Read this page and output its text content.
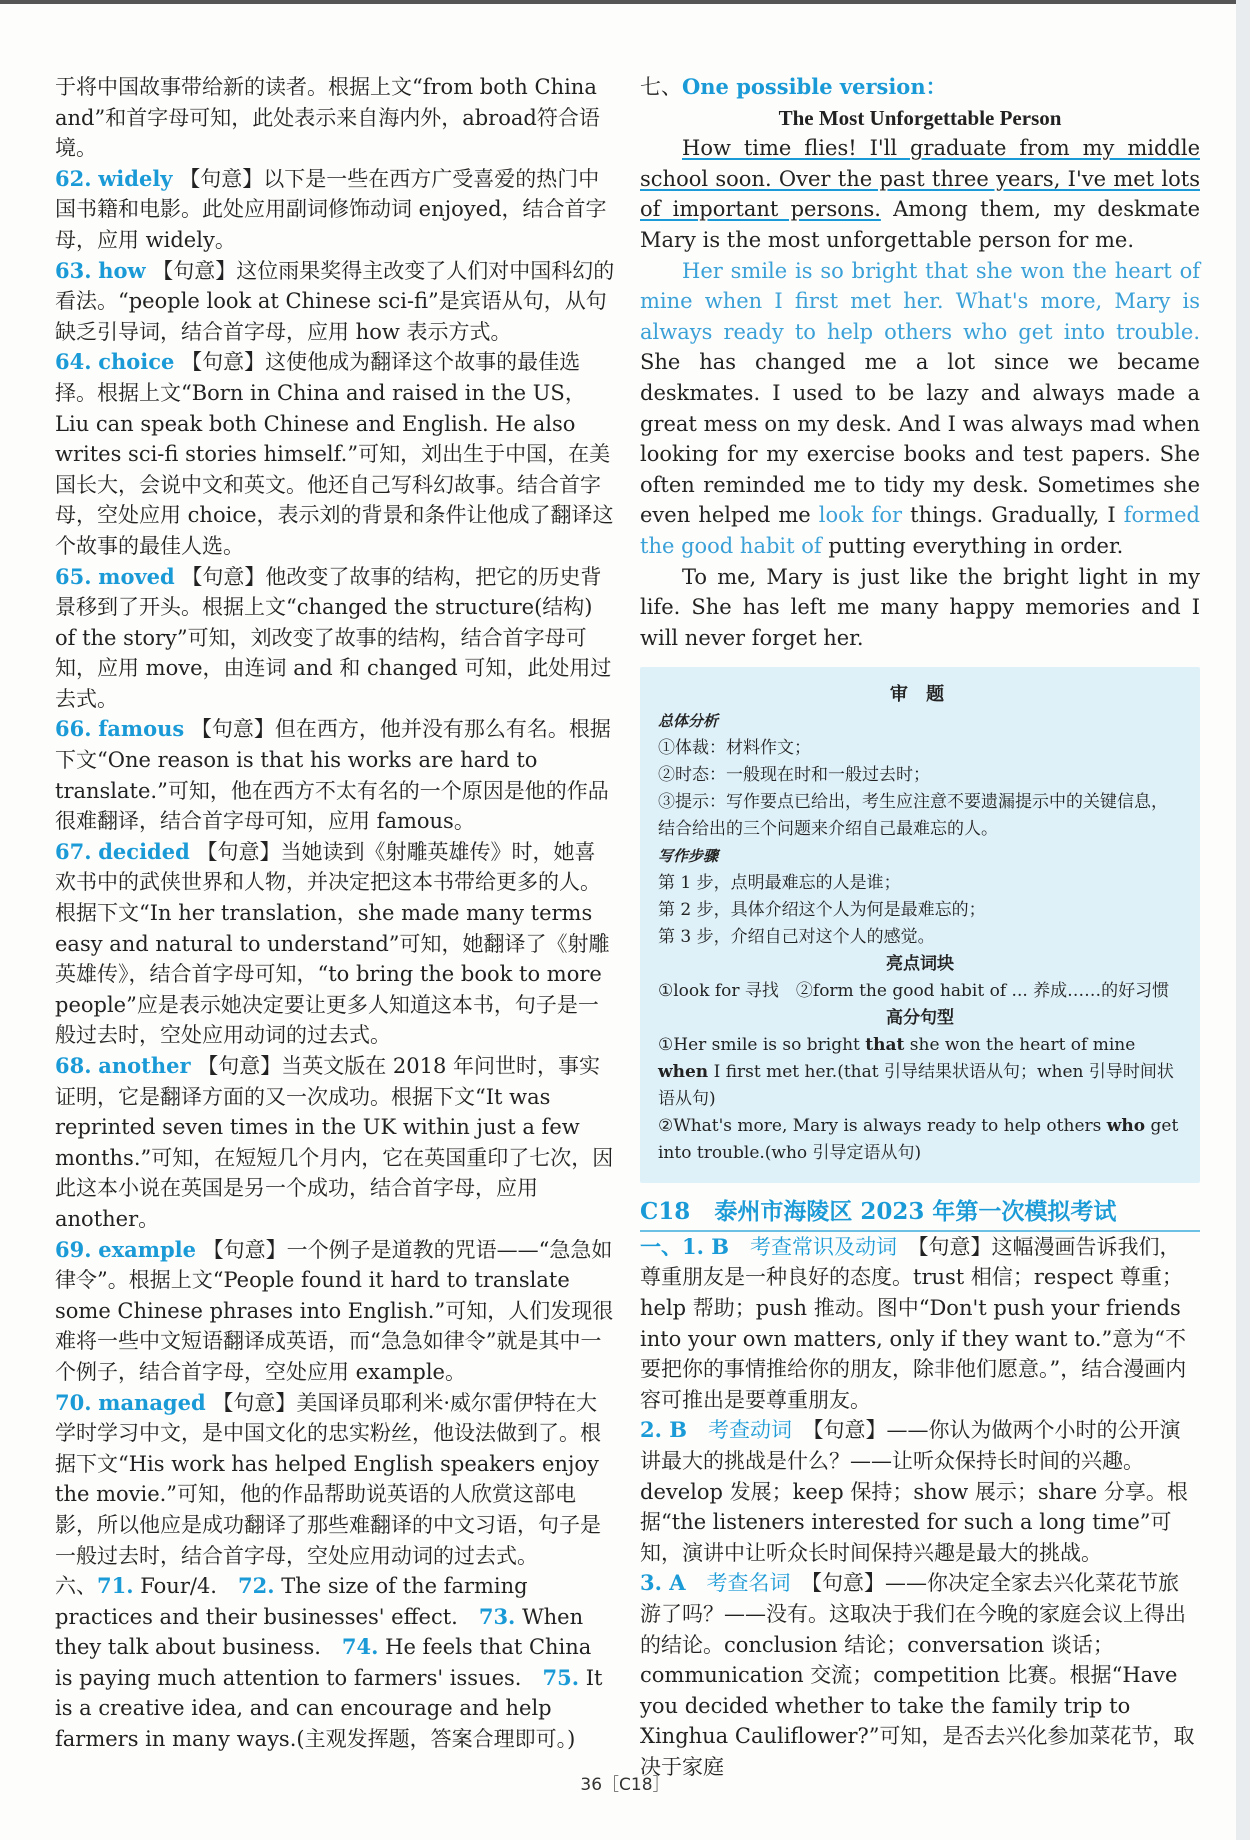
于将中国故事带给新的读者。根据上文“from both China and”和首字母可知，此处表示来自海内外，abroad符合语境。

62. widely 【句意】以下是一些在西方广受喜爱的热门中国书籍和电影。此处应用副词修饰动词 enjoyed，结合首字母，应用 widely。

63. how 【句意】这位雨果奖得主改变了人们对中国科幻的看法。“people look at Chinese sci-fi”是宾语从句，从句缺乏引导词，结合首字母，应用 how 表示方式。

64. choice 【句意】这使他成为翻译这个故事的最佳选择。根据上文“Born in China and raised in the US，Liu can speak both Chinese and English. He also writes sci-fi stories himself.”可知，刘出生于中国，在美国长大，会说中文和英文。他还自己写科幻故事。结合首字母，空处应用 choice，表示刘的背景和条件让他成了翻译这个故事的最佳人选。

65. moved 【句意】他改变了故事的结构，把它的历史背景移到了开头。根据上文“changed the structure(结构) of the story”可知，刘改变了故事的结构，结合首字母可知，应用 move，由连词 and 和 changed 可知，此处用过去式。

66. famous 【句意】但在西方，他并没有那么有名。根据下文“One reason is that his works are hard to translate.”可知，他在西方不太有名的一个原因是他的作品很难翻译，结合首字母可知，应用 famous。

67. decided 【句意】当她读到《射雕英雄传》时，她喜欢书中的武侠世界和人物，并决定把这本书带给更多的人。根据下文“In her translation，she made many terms easy and natural to understand”可知，她翻译了《射雕英雄传》，结合首字母可知，“to bring the book to more people”应是表示她决定要让更多人知道这本书，句子是一般过去时，空处应用动词的过去式。

68. another 【句意】当英文版在 2018 年问世时，事实证明，它是翻译方面的又一次成功。根据下文“It was reprinted seven times in the UK within just a few months.”可知，在短短几个月内，它在英国重印了七次，因此这本小说在英国是另一个成功，结合首字母，应用 another。

69. example 【句意】一个例子是道教的咒语——“急急如律令”。根据上文“People found it hard to translate some Chinese phrases into English.”可知，人们发现很难将一些中文短语翻译成英语，而“急急如律令”就是其中一个例子，结合首字母，空处应用 example。

70. managed 【句意】美国译员耶利米·威尔雷伊特在大学时学习中文，是中国文化的忠实粉丝，他设法做到了。根据下文“His work has helped English speakers enjoy the movie.”可知，他的作品帮助说英语的人欣赏这部电影，所以他应是成功翻译了那些难翻译的中文习语，句子是一般过去时，结合首字母，空处应用动词的过去式。

六、71. Four/4.　 72. The size of the farming practices and their businesses' effect.　 73. When they talk about business.　 74. He feels that China is paying much attention to farmers' issues.　 75. It is a creative idea, and can encourage and help farmers in many ways.(主观发挥题，答案合理即可。)　

七、One possible version：

The Most Unforgettable Person

How time flies! I'll graduate from my middle school soon. Over the past three years, I've met lots of important persons. Among them, my deskmate Mary is the most unforgettable person for me.

Her smile is so bright that she won the heart of mine when I first met her. What's more, Mary is always ready to help others who get into trouble. She has changed me a lot since we became deskmates. I used to be lazy and always made a great mess on my desk. And I was always mad when looking for my exercise books and test papers. She often reminded me to tidy my desk. Sometimes she even helped me look for things. Gradually, I formed the good habit of putting everything in order.

To me, Mary is just like the bright light in my life. She has left me many happy memories and I will never forget her.

审 题

总体分析

①体裁：材料作文；

②时态：一般现在时和一般过去时；

③提示：写作要点已给出，考生应注意不要遗漏提示中的关键信息，结合给出的三个问题来介绍自己最难忘的人。

写作步骤

第 1 步，点明最难忘的人是谁；

第 2 步，具体介绍这个人为何是最难忘的；

第 3 步，介绍自己对这个人的感觉。

亮点词块

①look for 寻找　②form the good habit of ... 养成……的好习惯

高分句型

①Her smile is so bright that she won the heart of mine when I first met her.(that 引导结果状语从句；when 引导时间状语从句)

②What's more, Mary is always ready to help others who get into trouble.(who 引导定语从句)

C18 泰州市海陵区 2023 年第一次模拟考试

一、1. B　 考查常识及动词　 【句意】这幅漫画告诉我们，尊重朋友是一种良好的态度。trust 相信；respect 尊重；help 帮助；push 推动。图中“Don't push your friends into your own matters, only if they want to.”意为“不要把你的事情推给你的朋友，除非他们愿意。”，结合漫画内容可推出是要尊重朋友。

2. B　 考查动词　 【句意】——你认为做两个小时的公开演讲最大的挑战是什么？——让听众保持长时间的兴趣。develop 发展；keep 保持；show 展示；share 分享。根据“the listeners interested for such a long time”可知，演讲中让听众长时间保持兴趣是最大的挑战。

3. A　 考查名词　 【句意】——你决定全家去兴化菜花节旅游了吗？——没有。这取决于我们在今晚的家庭会议上得出的结论。conclusion 结论；conversation 谈话；communication 交流；competition 比赛。根据“Have you decided whether to take the family trip to Xinghua Cauliflower?”可知，是否去兴化参加菜花节，取决于家庭

36［C18］
